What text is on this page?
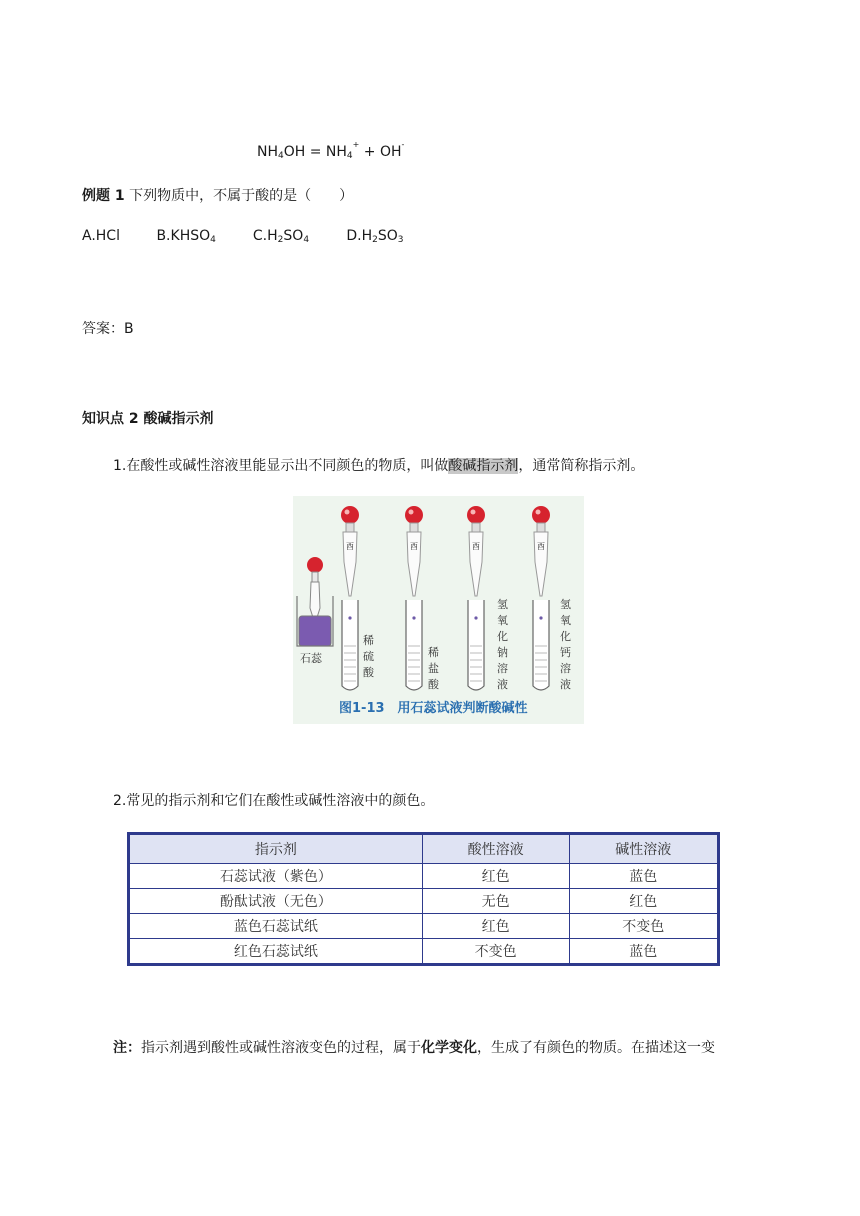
$NH_4OH = NH_4^+ + OH^-$
例题 1 下列物质中，不属于酸的是（　　）
A.HCl	$B.KHSO_4$	$C.H_2SO_4$	$D.H_2SO_3$
答案：B
知识点 2 酸碱指示剂
1.在酸性或碱性溶液里能显示出不同颜色的物质，叫做酸碱指示剂，通常简称指示剂。
石蕊
酉
稀
硫
酸
稀
盐
酸
酉
氢
氧
化
钠
溶
液
酉
氢
氧
化
钙
溶
液
酉
图1-13　用石蕊试液判断酸碱性
2.常见的指示剂和它们在酸性或碱性溶液中的颜色。
指示剂	酸性溶液	碱性溶液
石蕊试液（紫色）	红色	蓝色
酚酞试液（无色）	无色	红色
蓝色石蕊试纸	红色	不变色
红色石蕊试纸	不变色	蓝色
注：指示剂遇到酸性或碱性溶液变色的过程，属于化学变化，生成了有颜色的物质。在描述这一变
